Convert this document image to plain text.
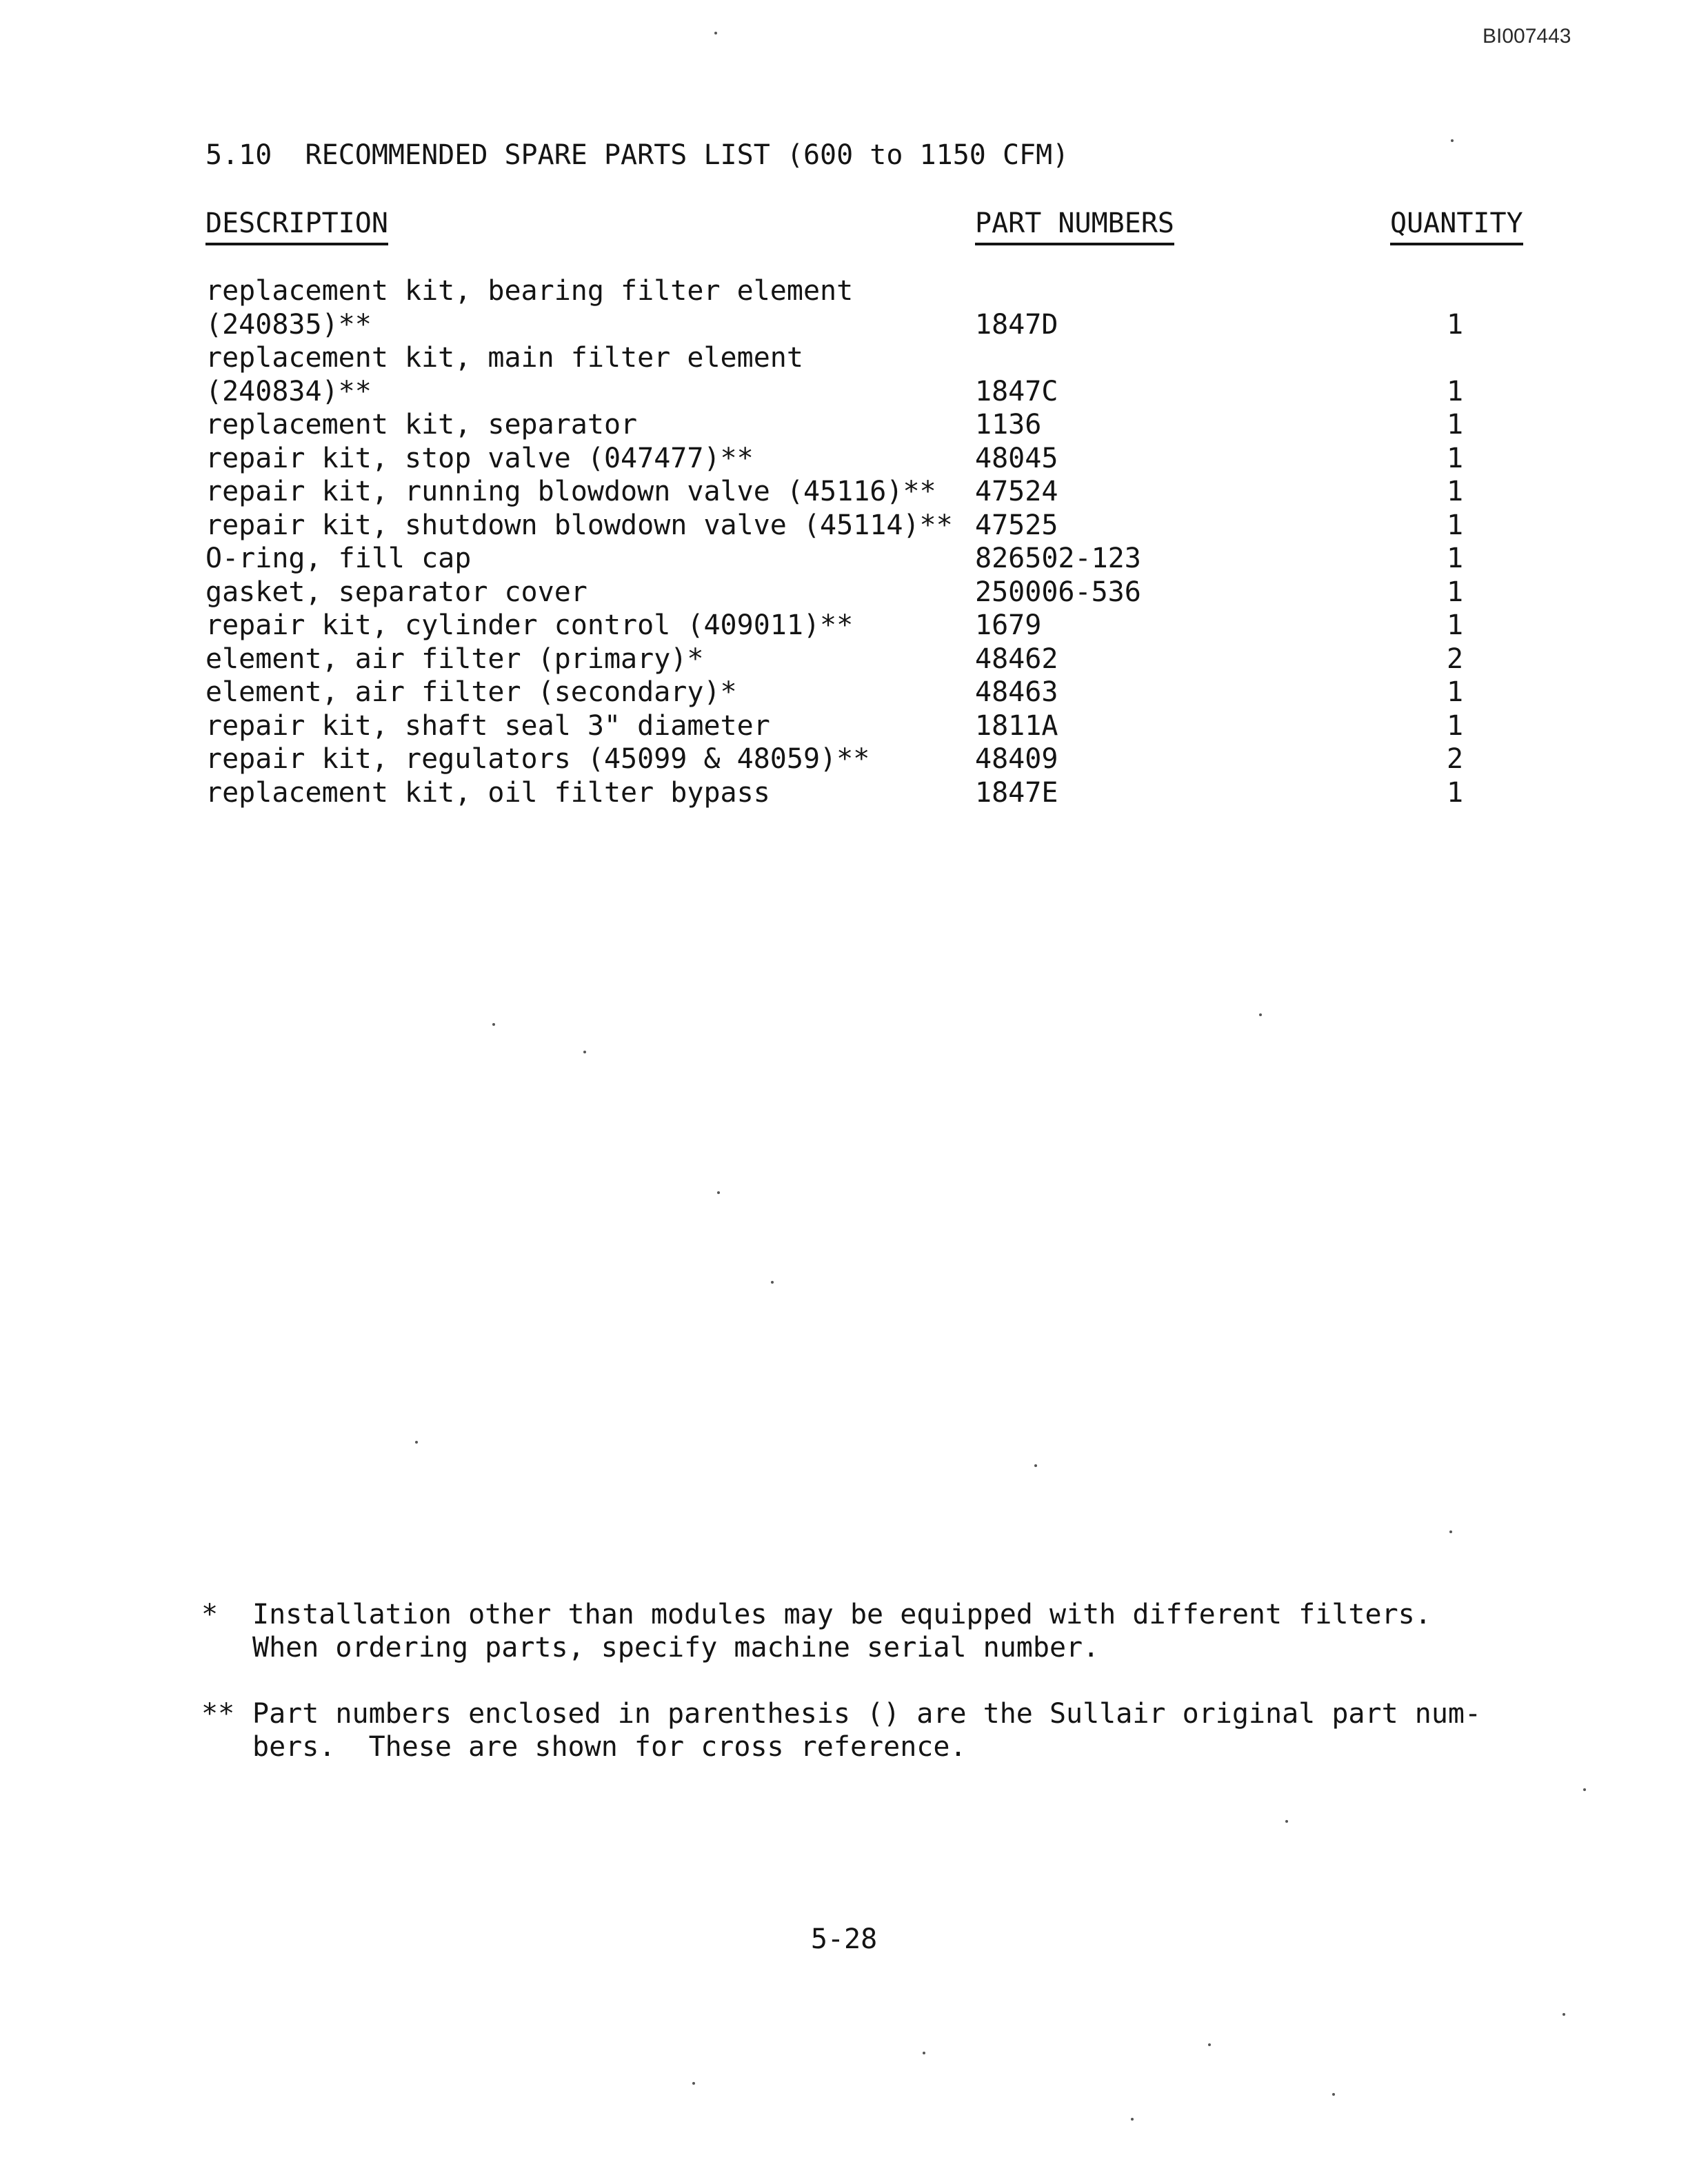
BI007443
5.10  RECOMMENDED SPARE PARTS LIST (600 to 1150 CFM)
DESCRIPTION	PART NUMBERS	QUANTITY
replacement kit, bearing filter element
(240835)**	1847D	1
replacement kit, main filter element
(240834)**	1847C	1
replacement kit, separator	1136	1
repair kit, stop valve (047477)**	48045	1
repair kit, running blowdown valve (45116)** 47524	1
repair kit, shutdown blowdown valve (45114)** 47525	1
O-ring, fill cap	826502-123	1
gasket, separator cover	250006-536	1
repair kit, cylinder control (409011)**	1679	1
element, air filter (primary)*	48462	2
element, air filter (secondary)*	48463	1
repair kit, shaft seal 3" diameter	1811A	1
repair kit, regulators (45099 & 48059)**	48409	2
replacement kit, oil filter bypass	1847E	1
* Installation other than modules may be equipped with different filters.
When ordering parts, specify machine serial number.
** Part numbers enclosed in parenthesis () are the Sullair original part num-
bers.  These are shown for cross reference.
5-28
